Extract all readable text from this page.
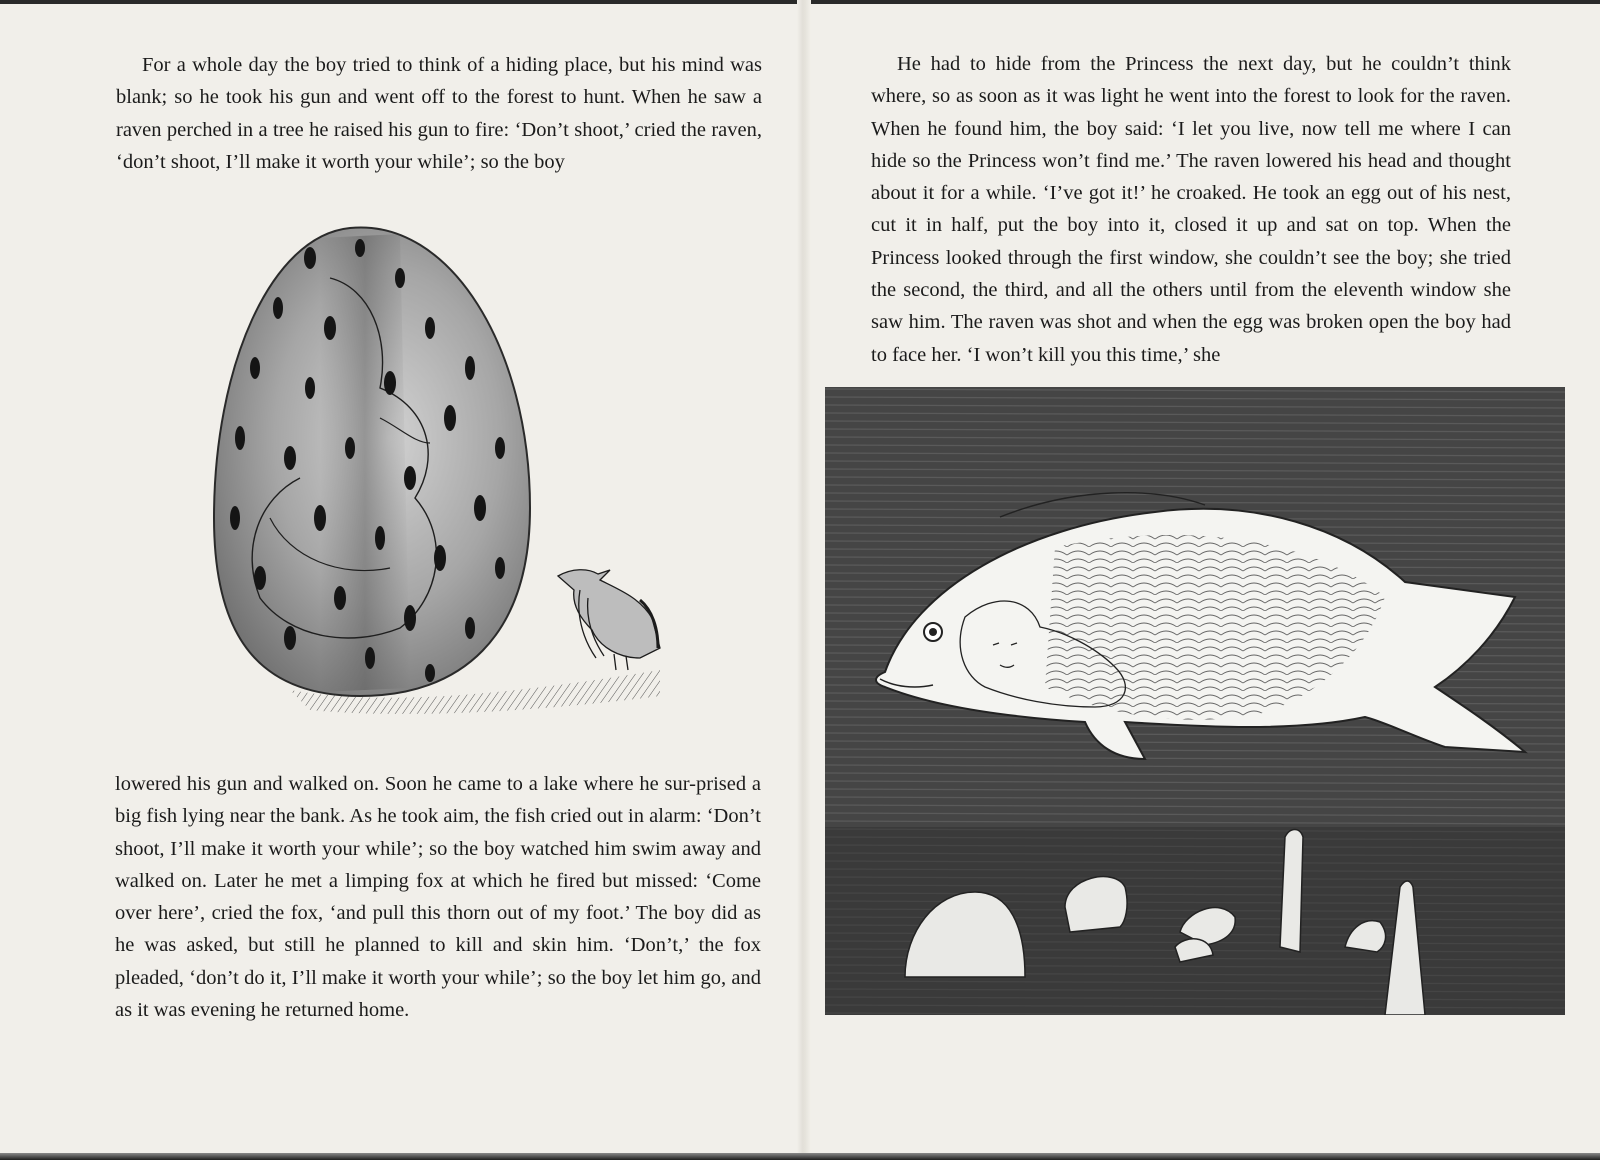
For a whole day the boy tried to think of a hiding place, but his mind was blank; so he took his gun and went off to the forest to hunt. When he saw a raven perched in a tree he raised his gun to fire: ‘Don’t shoot,’ cried the raven, ‘don’t shoot, I’ll make it worth your while’; so the boy

lowered his gun and walked on. Soon he came to a lake where he sur-prised a big fish lying near the bank. As he took aim, the fish cried out in alarm: ‘Don’t shoot, I’ll make it worth your while’; so the boy watched him swim away and walked on. Later he met a limping fox at which he fired but missed: ‘Come over here’, cried the fox, ‘and pull this thorn out of my foot.’ The boy did as he was asked, but still he planned to kill and skin him. ‘Don’t,’ the fox pleaded, ‘don’t do it, I’ll make it worth your while’; so the boy let him go, and as it was evening he returned home.

He had to hide from the Princess the next day, but he couldn’t think where, so as soon as it was light he went into the forest to look for the raven. When he found him, the boy said: ‘I let you live, now tell me where I can hide so the Princess won’t find me.’ The raven lowered his head and thought about it for a while. ‘I’ve got it!’ he croaked. He took an egg out of his nest, cut it in half, put the boy into it, closed it up and sat on top. When the Princess looked through the first window, she couldn’t see the boy; she tried the second, the third, and all the others until from the eleventh window she saw him. The raven was shot and when the egg was broken open the boy had to face her. ‘I won’t kill you this time,’ she
